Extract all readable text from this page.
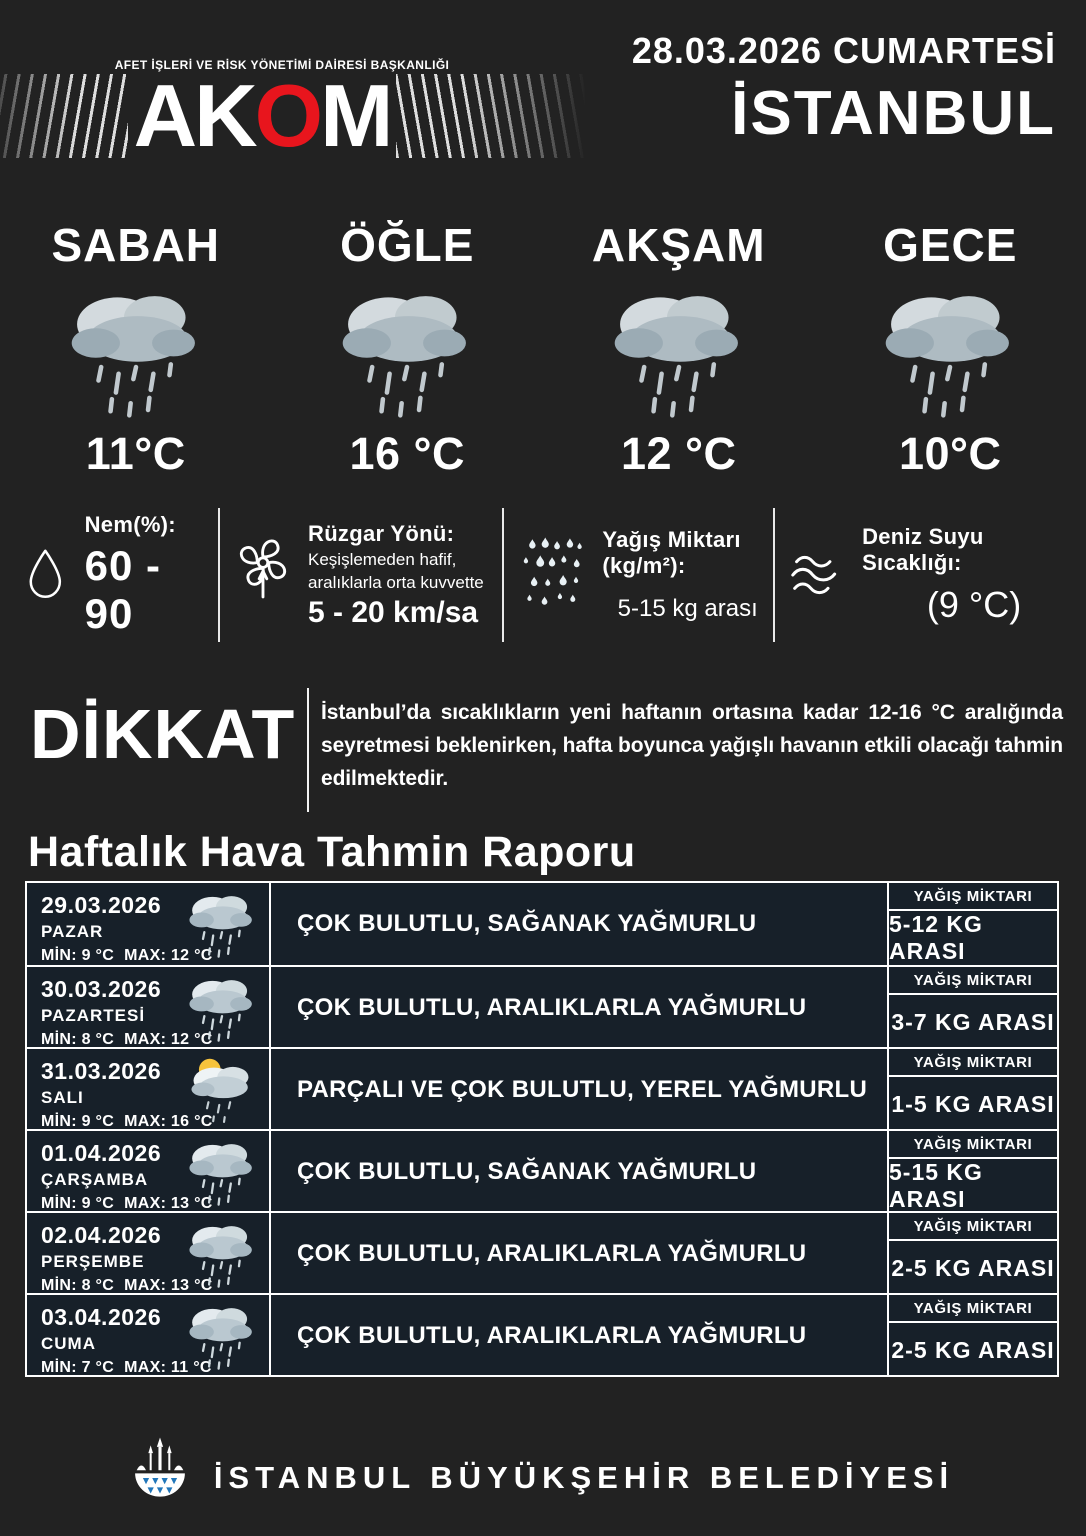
AFET İŞLERİ VE RİSK YÖNETİMİ DAİRESİ BAŞKANLIĞI
AKOM
28.03.2026 CUMARTESİ
İSTANBUL
SABAH
11°C
ÖĞLE
16 °C
AKŞAM
12 °C
GECE
10°C
Nem(%):
60 - 90
Rüzgar Yönü:
Keşişlemeden hafif,
aralıklarla orta kuvvette
5 - 20 km/sa
Yağış Miktarı (kg/m²):
5-15 kg arası
Deniz Suyu Sıcaklığı:
(9 °C)
DİKKAT İstanbul’da sıcaklıkların yeni haftanın ortasına kadar 12-16 °C aralığında seyretmesi beklenirken, hafta boyunca yağışlı havanın etkili olacağı tahmin edilmektedir.

Haftalık Hava Tahmin Raporu
29.03.2026
PAZAR
MİN: 9 °C MAX: 12 °C
ÇOK BULUTLU, SAĞANAK YAĞMURLU
YAĞIŞ MİKTARI
5-12 KG ARASI
30.03.2026
PAZARTESİ
MİN: 8 °C MAX: 12 °C
ÇOK BULUTLU, ARALIKLARLA YAĞMURLU
YAĞIŞ MİKTARI
3-7 KG ARASI
31.03.2026
SALI
MİN: 9 °C MAX: 16 °C
PARÇALI VE ÇOK BULUTLU, YEREL YAĞMURLU
YAĞIŞ MİKTARI
1-5 KG ARASI
01.04.2026
ÇARŞAMBA
MİN: 9 °C MAX: 13 °C
ÇOK BULUTLU, SAĞANAK YAĞMURLU
YAĞIŞ MİKTARI
5-15 KG ARASI
02.04.2026
PERŞEMBE
MİN: 8 °C MAX: 13 °C
ÇOK BULUTLU, ARALIKLARLA YAĞMURLU
YAĞIŞ MİKTARI
2-5 KG ARASI
03.04.2026
CUMA
MİN: 7 °C MAX: 11 °C
ÇOK BULUTLU, ARALIKLARLA YAĞMURLU
YAĞIŞ MİKTARI
2-5 KG ARASI
İSTANBUL BÜYÜKŞEHİR BELEDİYESİ
